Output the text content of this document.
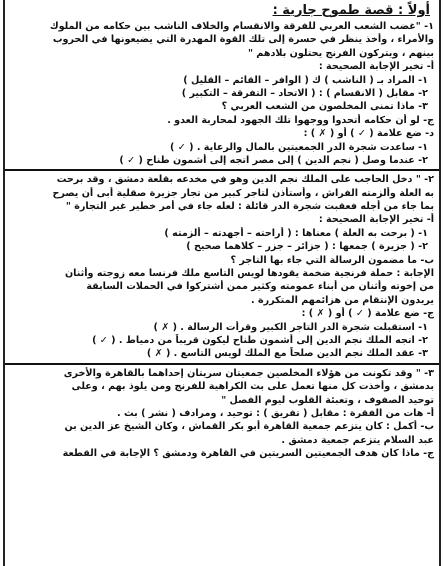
أولاً : قصة طموح جارية :
١- "غضب الشعب العربي للفرقة والانقسام والخلاف الناشب بين حكامه من الملوك
والأمراء ، وأخذ ينظر في حسرة إلى تلك القوة المهدرة التي يضيعونها في الحروب
بينهم ، ويتركون الفرنج يحتلون بلادهم "
أ- تخير الإجابة الصحيحة :
١- المراد بـ ( الناشب ) ك ( الوافر – القائم – القليل )
٢- مقابل ( الانقسام ) : ( الاتحاد – التفرقة – التكبير )
٣- ماذا تمنى المخلصون من الشعب العربي ؟
ج- لو أن حكامه أتحدوا ووجهوا تلك الجهود لمحاربة العدو .
د- ضع علامة ( ✓ ) أو ( ✗ ) :
١- ساعدت شجرة الدر الجمعيتين بالمال والرعاية . ( ✓ )
٢- عندما وصل ( نجم الدين ) إلى مصر اتجه إلى أشمون طناح ( ✓ )
٢- " دخل الحاجب على الملك نجم الدين وهو في مخدعه بقلعة دمشق ، وقد برحت
به العلة وألزمته الفراش ، وأستأذن لتاجر كبير من تجار جزيرة صقلية أبى أن يصرح
بما جاء من أجله فعقبت شجرة الدر قائلة : لعله جاء في أمر خطير غير التجارة "
أ- تخير الإجابة الصحيحة :
١- ( برحت به العلة ) معناها : ( أراحته – أجهدته – ألزمته )
٢- ( جزيرة ) جمعها : ( جزائر – جزر – كلاهما صحيح )
ب- ما مضمون الرسالة التي جاء بها التاجر ؟
الإجابة : حملة فرنجية ضخمة يقودها لويس التاسع ملك فرنسا معه زوجته وأثنان
من إخوته وأثنان من أبناء عمومته وكثير ممن أشتركوا في الحملات السابقة
يريدون الإنتقام من هزائمهم المتكررة .
ج- ضع علامة ( ✓ ) أو ( ✗ ) :
١- استقبلت شجرة الدر التاجر الكبير وقرأت الرسالة . ( ✗ )
٢- اتجه الملك نجم الدين إلى أشمون طناح ليكون قريباً من دمياط . ( ✓ )
٣- عقد الملك نجم الدين صلحاً مع الملك لويس التاسع . ( ✗ )
٣- " وقد تكونت من هؤلاء المخلصين جمعيتان سريتان إحداهما بالقاهرة والأخرى
بدمشق ، وأخذت كل منها تعمل على بث الكراهية للفرنج ومن يلوذ بهم ، وعلى
توحيد الصفوف ، وتعبئة القلوب ليوم الفصل "
أ- هات من الفقرة : مقابل ( تفريق ) : توحيد ، ومرادف ( نشر ) بث .
ب- أكمل : كان يتزعم جمعية القاهرة أبو بكر القماش ، وكان الشيخ عز الدين بن
عبد السلام يتزعم جمعية دمشق .
ج- ماذا كان هدف الجمعيتين السريتين في القاهرة ودمشق ؟ الإجابة في القطعة
